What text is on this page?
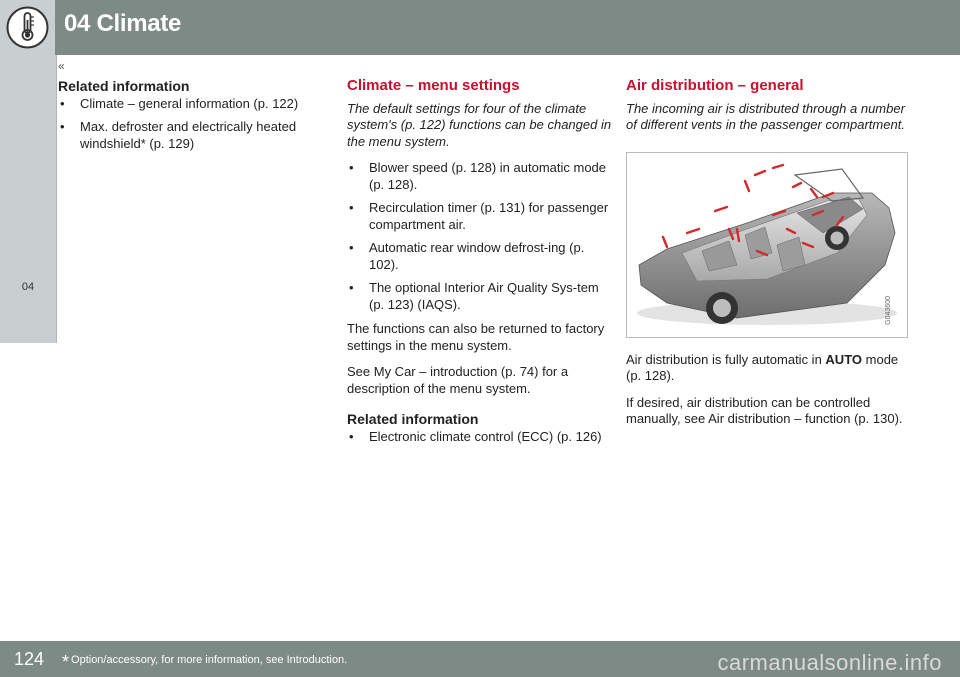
04 Climate
04
«
Related information
• Climate – general information (p. 122)
• Max. defroster and electrically heated windshield* (p. 129)
Climate – menu settings
The default settings for four of the climate system's (p. 122) functions can be changed in the menu system.
• Blower speed (p. 128) in automatic mode (p. 128).
• Recirculation timer (p. 131) for passenger compartment air.
• Automatic rear window defrost-ing (p. 102).
• The optional Interior Air Quality Sys-tem (p. 123) (IAQS).

The functions can also be returned to factory settings in the menu system.

See My Car – introduction (p. 74) for a description of the menu system.

Related information
• Electronic climate control (ECC) (p. 126)
Air distribution – general
The incoming air is distributed through a number of different vents in the passenger compartment.
G043600

Air distribution is fully automatic in AUTO mode (p. 128).

If desired, air distribution can be controlled manually, see Air distribution – function (p. 130).

124 * Option/accessory, for more information, see Introduction.	carmanualsonline.info
